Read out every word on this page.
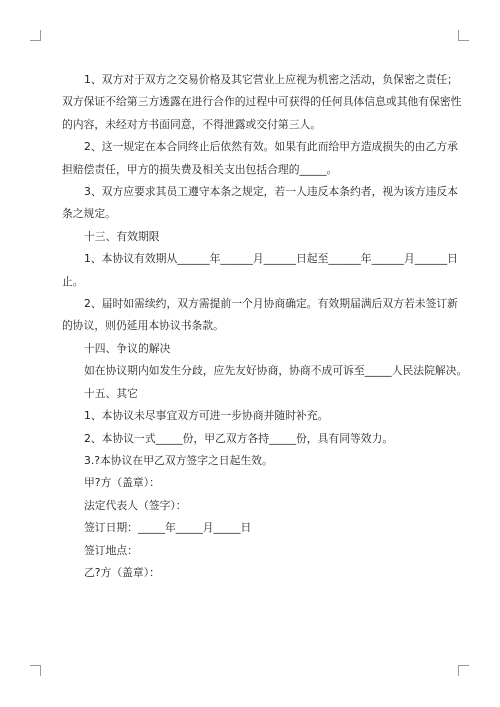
1、双方对于双方之交易价格及其它营业上应视为机密之活动，负保密之责任；

双方保证不给第三方透露在进行合作的过程中可获得的任何具体信息或其他有保密性

的内容，未经对方书面同意，不得泄露或交付第三人。

2、这一规定在本合同终止后依然有效。如果有此而给甲方造成损失的由乙方承

担赔偿责任，甲方的损失费及相关支出包括合理的_____。

3、双方应要求其员工遵守本条之规定，若一人违反本条约者，视为该方违反本

条之规定。

十三、有效期限

1、本协议有效期从______年______月______日起至______年______月______日

止。

2、届时如需续约，双方需提前一个月协商确定。有效期届满后双方若未签订新

的协议，则仍延用本协议书条款。

十四、争议的解决

如在协议期内如发生分歧，应先友好协商，协商不成可诉至_____人民法院解决。

十五、其它

1、本协议未尽事宜双方可进一步协商并随时补充。

2、本协议一式_____份，甲乙双方各持_____份，具有同等效力。

3.?本协议在甲乙双方签字之日起生效。

甲?方（盖章）：

法定代表人（签字）：

签订日期：_____年_____月_____日

签订地点：

乙?方（盖章）：
